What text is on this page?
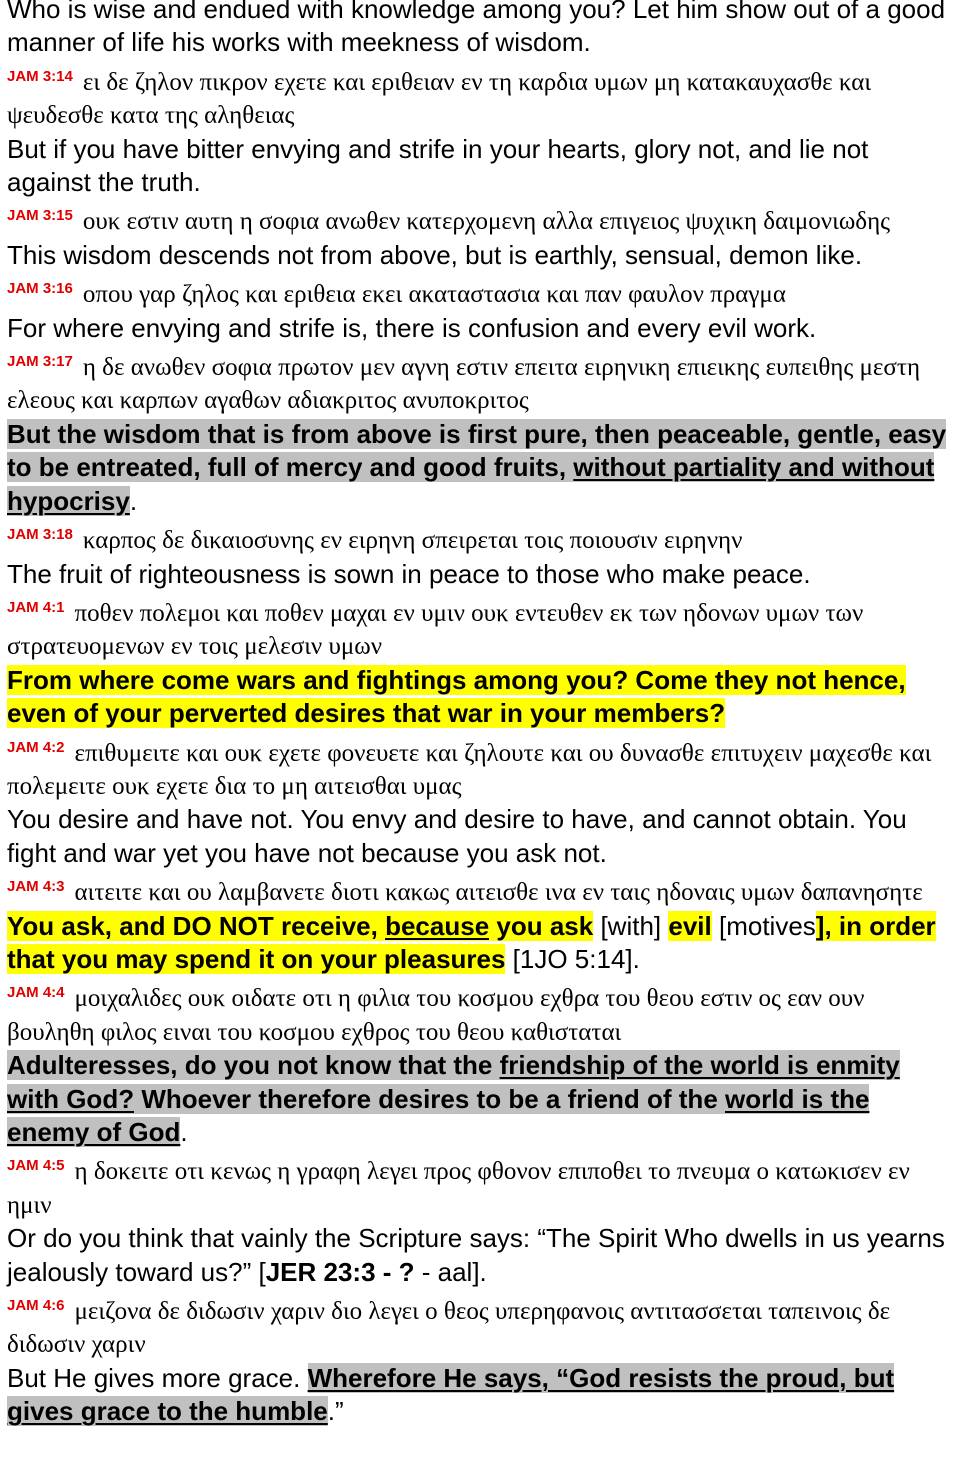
Who is wise and endued with knowledge among you? Let him show out of a good manner of life his works with meekness of wisdom.

$^{JAM 3:14}$ ει δε ζηλον πικρον εχετε και εριθειαν εν τη καρδια υμων μη κατακαυχασθε και ψευδεσθε κατα της αληθειας

But if you have bitter envying and strife in your hearts, glory not, and lie not against the truth.

$^{JAM 3:15}$ ουκ εστιν αυτη η σοφια ανωθεν κατερχομενη αλλα επιγειος ψυχικη δαιμονιωδης

This wisdom descends not from above, but is earthly, sensual, demon like.

$^{JAM 3:16}$ οπου γαρ ζηλος και εριθεια εκει ακαταστασια και παν φαυλον πραγμα

For where envying and strife is, there is confusion and every evil work.

$^{JAM 3:17}$ η δε ανωθεν σοφια πρωτον μεν αγνη εστιν επειτα ειρηνικη επιεικης ευπειθης μεστη ελεους και καρπων αγαθων αδιακριτος ανυποκριτος

But the wisdom that is from above is first pure, then peaceable, gentle, easy to be entreated, full of mercy and good fruits, without partiality and without hypocrisy.

$^{JAM 3:18}$ καρπος δε δικαιοσυνης εν ειρηνη σπειρεται τοις ποιουσιν ειρηνην

The fruit of righteousness is sown in peace to those who make peace.

$^{JAM 4:1}$ ποθεν πολεμοι και ποθεν μαχαι εν υμιν ουκ εντευθεν εκ των ηδονων υμων των στρατευομενων εν τοις μελεσιν υμων

From where come wars and fightings among you? Come they not hence, even of your perverted desires that war in your members?

$^{JAM 4:2}$ επιθυμειτε και ουκ εχετε φονευετε και ζηλουτε και ου δυνασθε επιτυχειν μαχεσθε και πολεμειτε ουκ εχετε δια το μη αιτεισθαι υμας

You desire and have not. You envy and desire to have, and cannot obtain. You fight and war yet you have not because you ask not.

$^{JAM 4:3}$ αιτειτε και ου λαμβανετε διοτι κακως αιτεισθε ινα εν ταις ηδοναις υμων δαπανησητε

You ask, and DO NOT receive, because you ask [with] evil [motives], in order that you may spend it on your pleasures [1JO 5:14].

$^{JAM 4:4}$ μοιχαλιδες ουκ οιδατε οτι η φιλια του κοσμου εχθρα του θεου εστιν ος εαν ουν βουληθη φιλος ειναι του κοσμου εχθρος του θεου καθισταται

Adulteresses, do you not know that the friendship of the world is enmity with God? Whoever therefore desires to be a friend of the world is the enemy of God.

$^{JAM 4:5}$ η δοκειτε οτι κενως η γραφη λεγει προς φθονον επιποθει το πνευμα ο κατωκισεν εν ημιν

Or do you think that vainly the Scripture says: “The Spirit Who dwells in us yearns jealously toward us?” [JER 23:3 - ? - aal].

$^{JAM 4:6}$ μειζονα δε διδωσιν χαριν διο λεγει ο θεος υπερηφανοις αντιτασσεται ταπεινοις δε διδωσιν χαριν

But He gives more grace. Wherefore He says, “God resists the proud, but gives grace to the humble.”
